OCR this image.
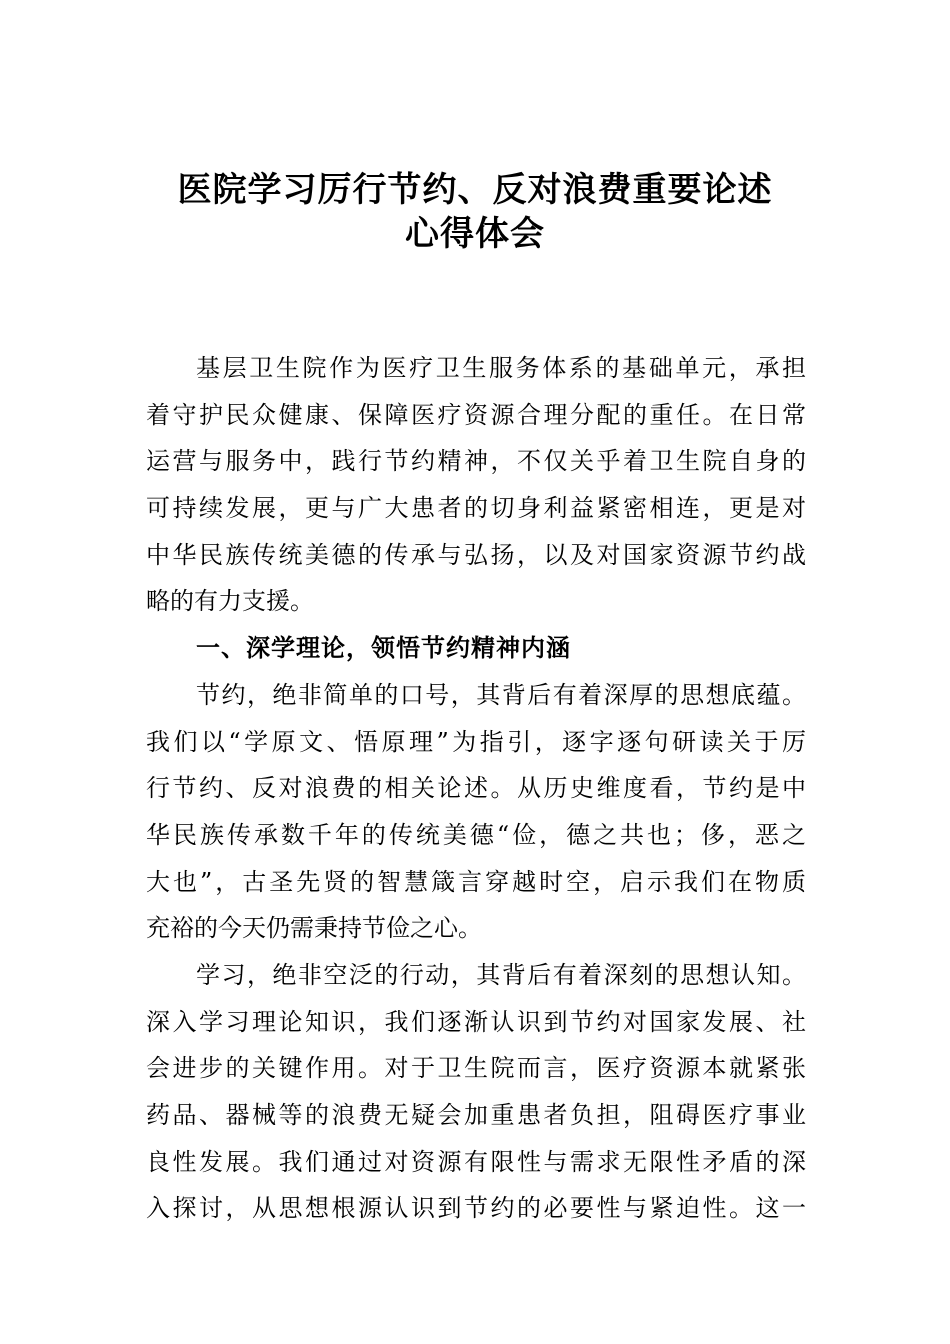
医院学习厉行节约、反对浪费重要论述
心得体会
基层卫生院作为医疗卫生服务体系的基础单元，承担
着守护民众健康、保障医疗资源合理分配的重任。在日常
运营与服务中，践行节约精神，不仅关乎着卫生院自身的
可持续发展，更与广大患者的切身利益紧密相连，更是对
中华民族传统美德的传承与弘扬，以及对国家资源节约战
略的有力支援。
一、深学理论，领悟节约精神内涵
节约，绝非简单的口号，其背后有着深厚的思想底蕴。
我们以“学原文、悟原理”为指引，逐字逐句研读关于厉
行节约、反对浪费的相关论述。从历史维度看，节约是中
华民族传承数千年的传统美德“俭，德之共也；侈，恶之
大也”，古圣先贤的智慧箴言穿越时空，启示我们在物质
充裕的今天仍需秉持节俭之心。
学习，绝非空泛的行动，其背后有着深刻的思想认知。
深入学习理论知识，我们逐渐认识到节约对国家发展、社
会进步的关键作用。对于卫生院而言，医疗资源本就紧张
药品、器械等的浪费无疑会加重患者负担，阻碍医疗事业
良性发展。我们通过对资源有限性与需求无限性矛盾的深
入探讨，从思想根源认识到节约的必要性与紧迫性。这一
